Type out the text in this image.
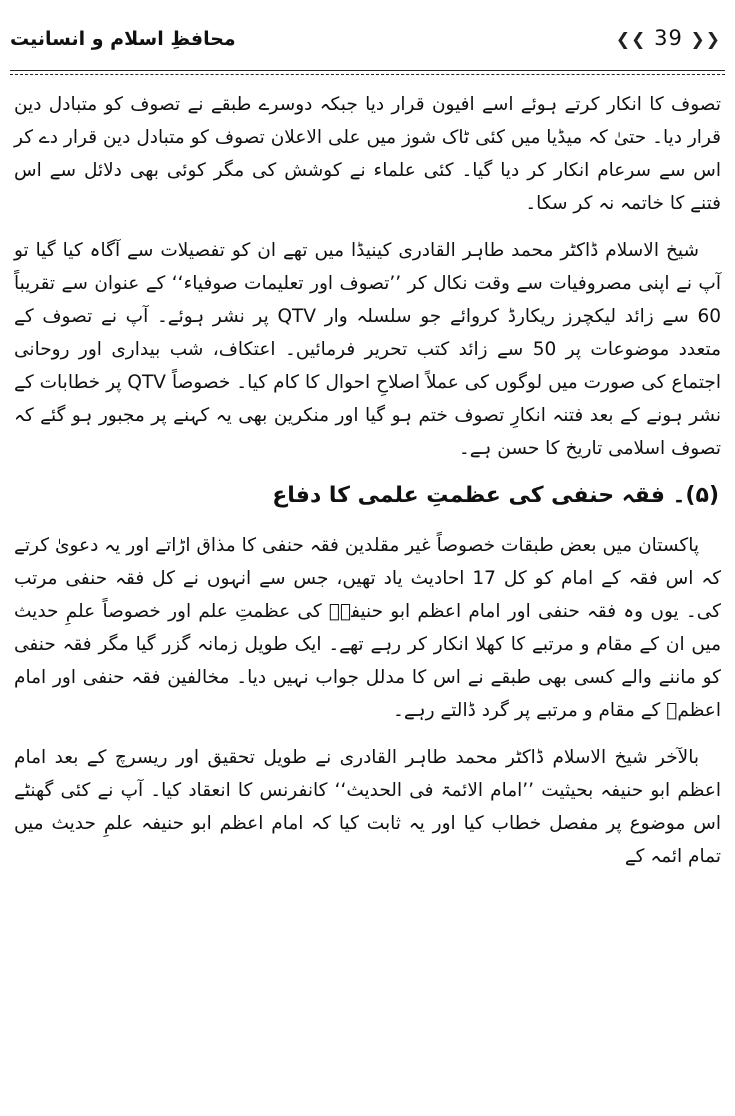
محافظِ اسلام و انسانیت	❮❮ 39 ❯❯

تصوف کا انکار کرتے ہوئے اسے افیون قرار دیا جبکہ دوسرے طبقے نے تصوف کو متبادل دین قرار دیا۔ حتیٰ کہ میڈیا میں کئی ٹاک شوز میں علی الاعلان تصوف کو متبادل دین قرار دے کر اس سے سرعام انکار کر دیا گیا۔ کئی علماء نے کوشش کی مگر کوئی بھی دلائل سے اس فتنے کا خاتمہ نہ کر سکا۔

شیخ الاسلام ڈاکٹر محمد طاہر القادری کینیڈا میں تھے ان کو تفصیلات سے آگاہ کیا گیا تو آپ نے اپنی مصروفیات سے وقت نکال کر ’’تصوف اور تعلیمات صوفیاء‘‘ کے عنوان سے تقریباً 60 سے زائد لیکچرز ریکارڈ کروائے جو سلسلہ وار QTV پر نشر ہوئے۔ آپ نے تصوف کے متعدد موضوعات پر 50 سے زائد کتب تحریر فرمائیں۔ اعتکاف، شب بیداری اور روحانی اجتماع کی صورت میں لوگوں کی عملاً اصلاحِ احوال کا کام کیا۔ خصوصاً QTV پر خطابات کے نشر ہونے کے بعد فتنہ انکارِ تصوف ختم ہو گیا اور منکرین بھی یہ کہنے پر مجبور ہو گئے کہ تصوف اسلامی تاریخ کا حسن ہے۔

(۵)۔ فقہ حنفی کی عظمتِ علمی کا دفاع

پاکستان میں بعض طبقات خصوصاً غیر مقلدین فقہ حنفی کا مذاق اڑاتے اور یہ دعویٰ کرتے کہ اس فقہ کے امام کو کل 17 احادیث یاد تھیں، جس سے انہوں نے کل فقہ حنفی مرتب کی۔ یوں وہ فقہ حنفی اور امام اعظم ابو حنیفہؒ کی عظمتِ علم اور خصوصاً علمِ حدیث میں ان کے مقام و مرتبے کا کھلا انکار کر رہے تھے۔ ایک طویل زمانہ گزر گیا مگر فقہ حنفی کو ماننے والے کسی بھی طبقے نے اس کا مدلل جواب نہیں دیا۔ مخالفین فقہ حنفی اور امام اعظمؒ کے مقام و مرتبے پر گرد ڈالتے رہے۔

بالآخر شیخ الاسلام ڈاکٹر محمد طاہر القادری نے طویل تحقیق اور ریسرچ کے بعد امام اعظم ابو حنیفہ بحیثیت ’’امام الائمۃ فی الحدیث‘‘ کانفرنس کا انعقاد کیا۔ آپ نے کئی گھنٹے اس موضوع پر مفصل خطاب کیا اور یہ ثابت کیا کہ امام اعظم ابو حنیفہ علمِ حدیث میں تمام ائمہ کے
